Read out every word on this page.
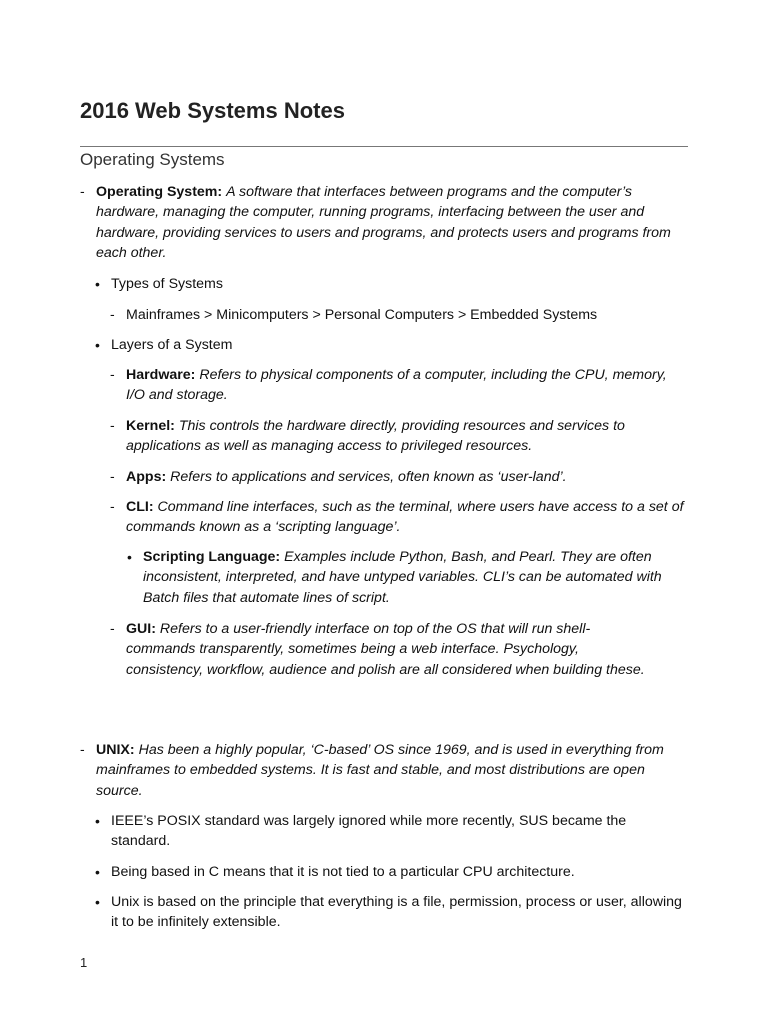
2016 Web Systems Notes
Operating Systems
- Operating System: A software that interfaces between programs and the computer’s hardware, managing the computer, running programs, interfacing between the user and hardware, providing services to users and programs, and protects users and programs from each other.
• Types of Systems
- Mainframes > Minicomputers > Personal Computers > Embedded Systems
• Layers of a System
- Hardware: Refers to physical components of a computer, including the CPU, memory, I/O and storage.
- Kernel: This controls the hardware directly, providing resources and services to applications as well as managing access to privileged resources.
- Apps: Refers to applications and services, often known as ‘user-land’.
- CLI: Command line interfaces, such as the terminal, where users have access to a set of commands known as a ‘scripting language’.
• Scripting Language: Examples include Python, Bash, and Pearl. They are often inconsistent, interpreted, and have untyped variables. CLI’s can be automated with Batch files that automate lines of script.
- GUI: Refers to a user-friendly interface on top of the OS that will run shell-commands transparently, sometimes being a web interface. Psychology, consistency, workflow, audience and polish are all considered when building these.
- UNIX: Has been a highly popular, ‘C-based’ OS since 1969, and is used in everything from mainframes to embedded systems. It is fast and stable, and most distributions are open source.
• IEEE’s POSIX standard was largely ignored while more recently, SUS became the standard.
• Being based in C means that it is not tied to a particular CPU architecture.
• Unix is based on the principle that everything is a file, permission, process or user, allowing it to be infinitely extensible.
1
